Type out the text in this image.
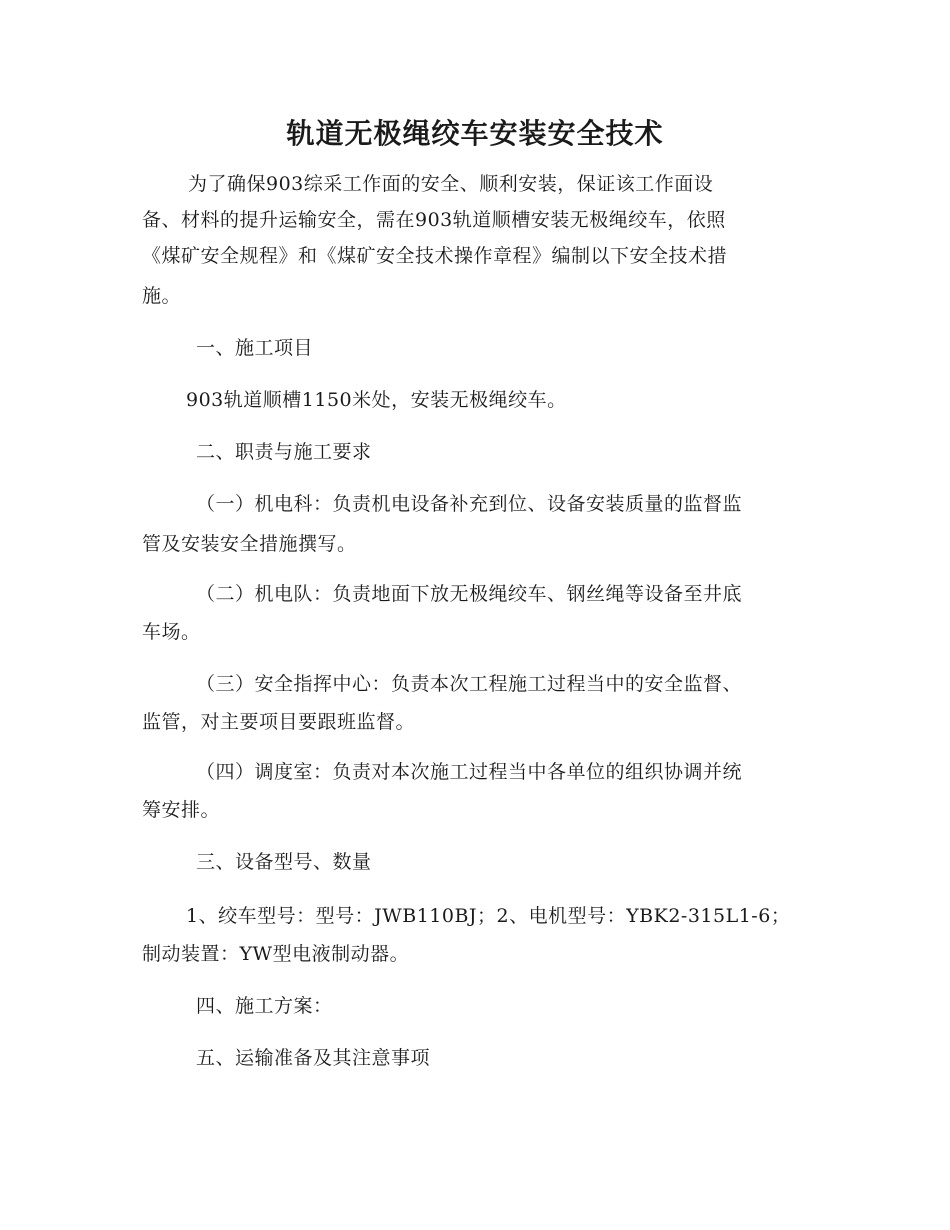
轨道无极绳绞车安装安全技术

为了确保903综采工作面的安全、顺利安装，保证该工作面设

备、材料的提升运输安全，需在903轨道顺槽安装无极绳绞车，依照

《煤矿安全规程》和《煤矿安全技术操作章程》编制以下安全技术措

施。

一、施工项目

903轨道顺槽1150米处，安装无极绳绞车。

二、职责与施工要求

（一）机电科：负责机电设备补充到位、设备安装质量的监督监

管及安装安全措施撰写。

（二）机电队：负责地面下放无极绳绞车、钢丝绳等设备至井底

车场。

（三）安全指挥中心：负责本次工程施工过程当中的安全监督、

监管，对主要项目要跟班监督。

（四）调度室：负责对本次施工过程当中各单位的组织协调并统

筹安排。

三、设备型号、数量

1、绞车型号：型号：JWB110BJ；2、电机型号：YBK2-315L1-6；

制动装置：YW型电液制动器。

四、施工方案：

五、运输准备及其注意事项
